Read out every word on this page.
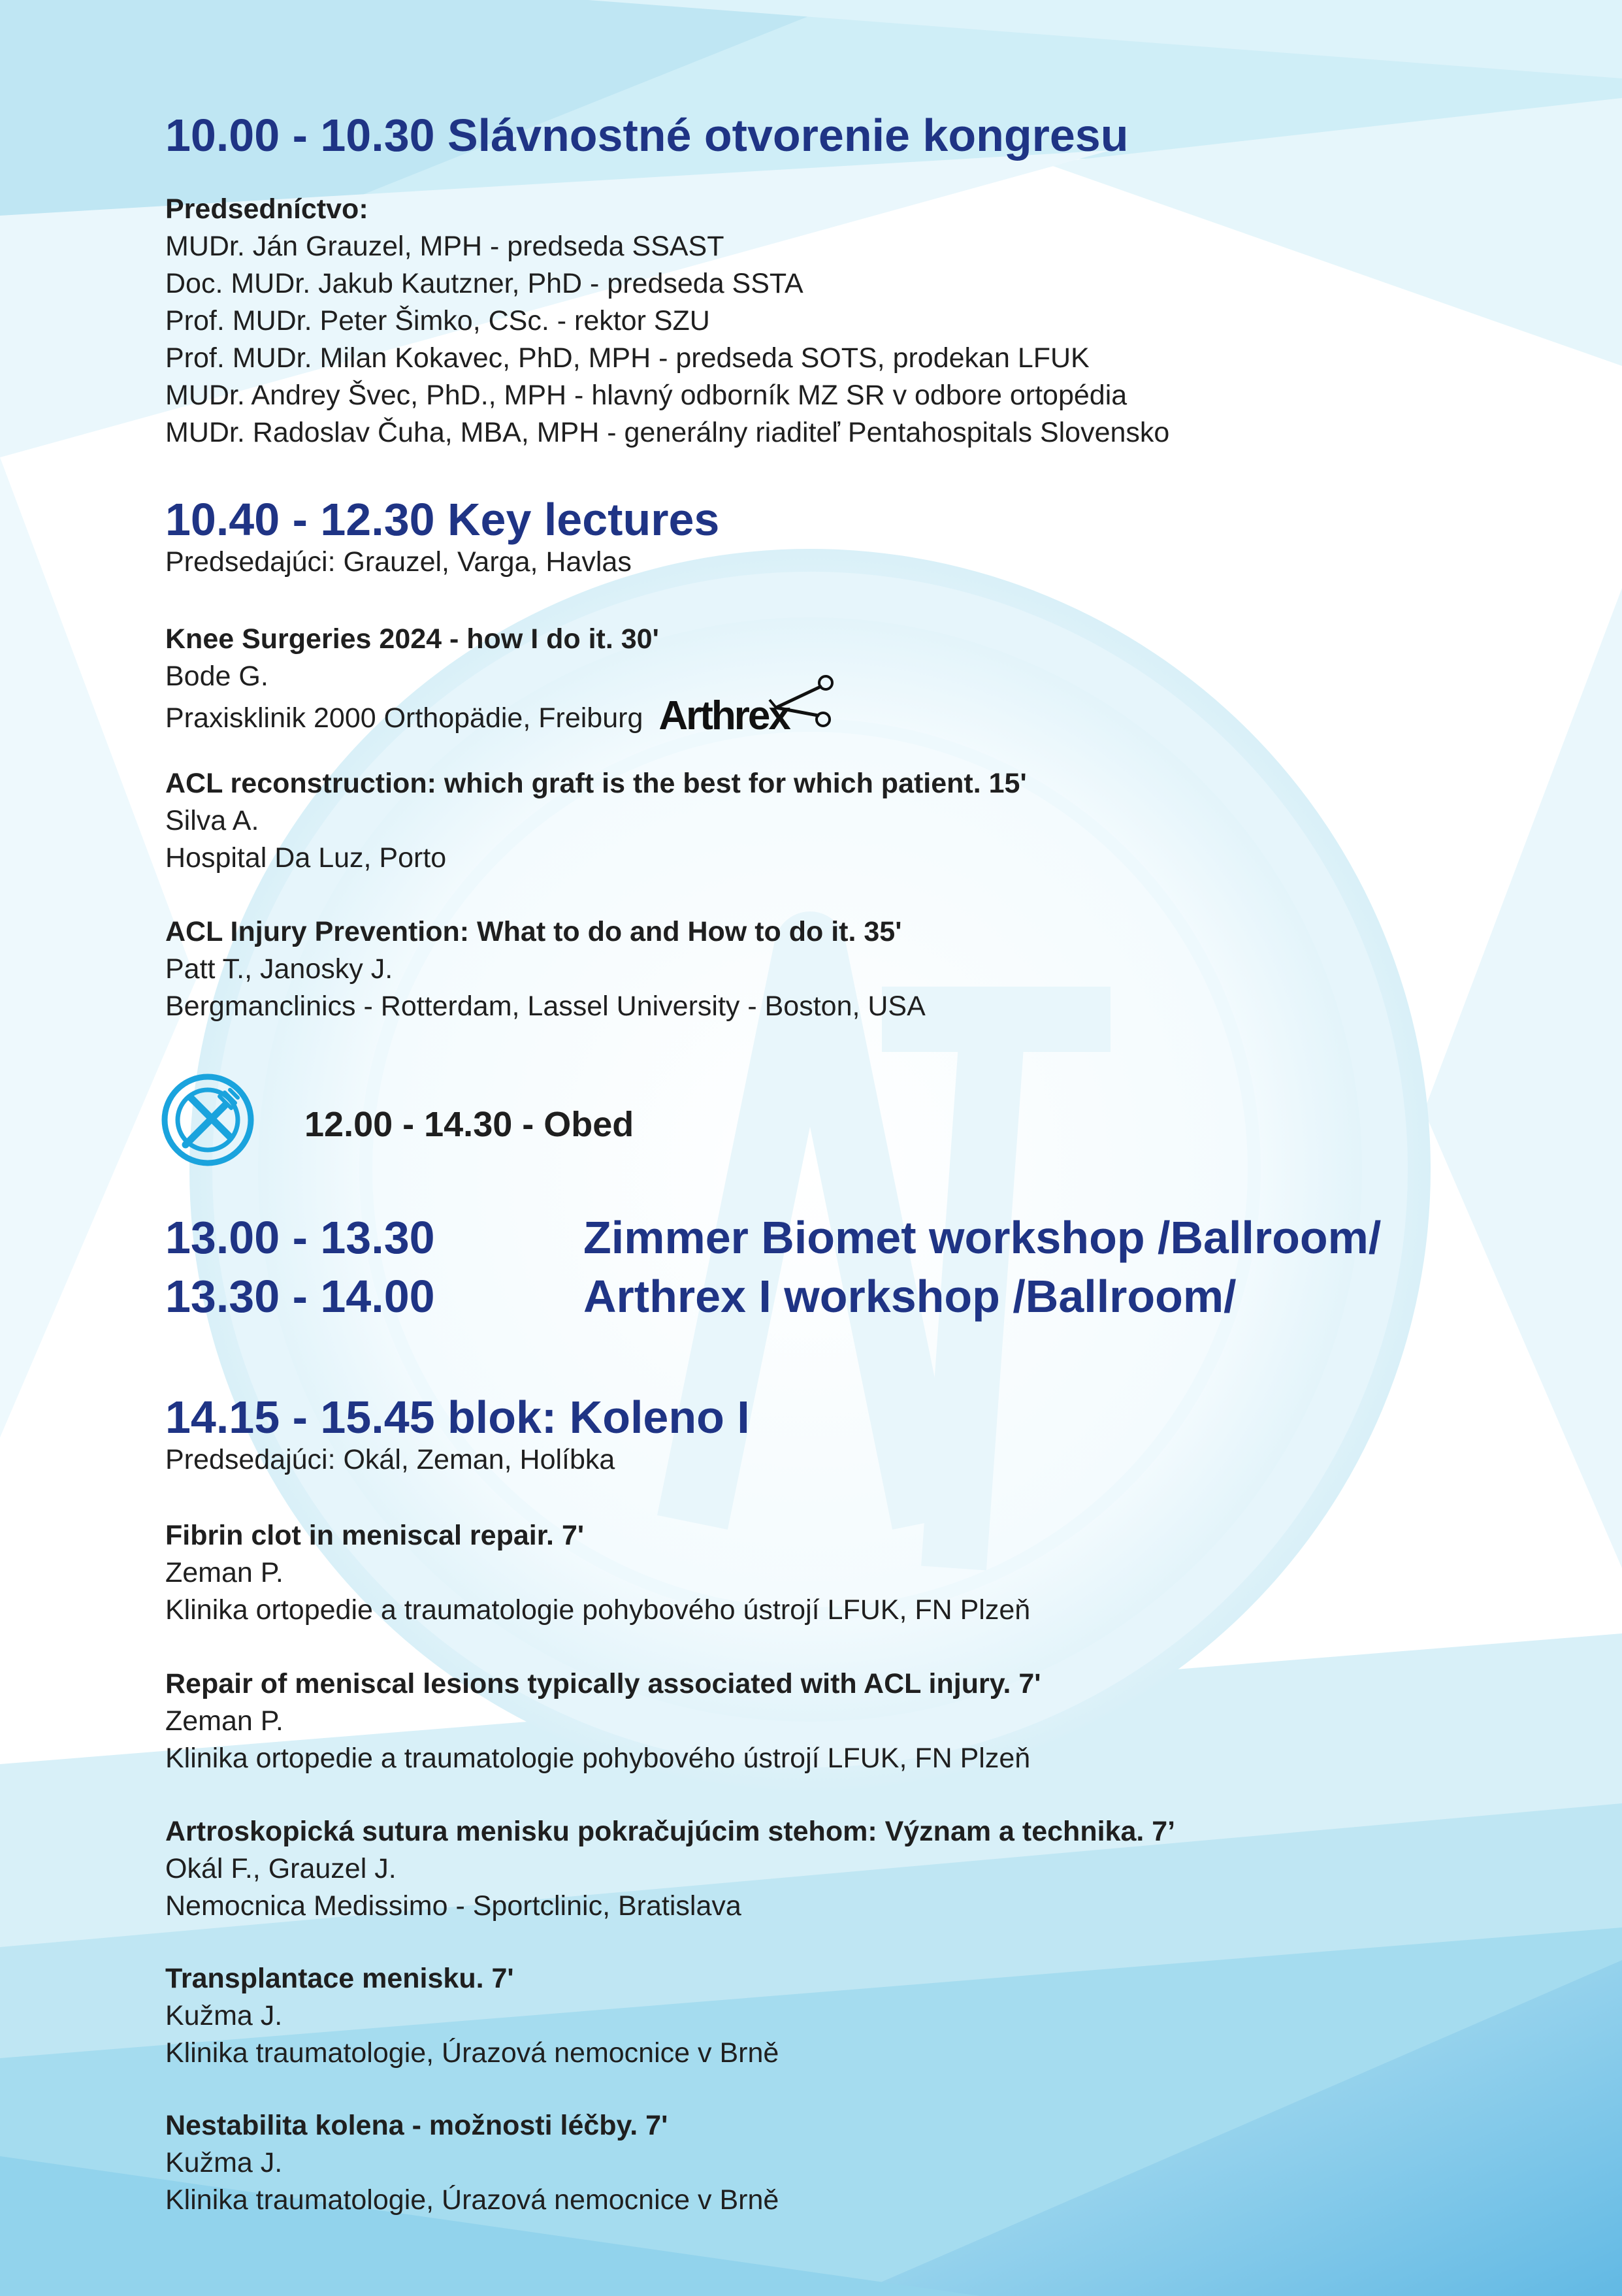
10.00 - 10.30 Slávnostné otvorenie kongresu
Predsedníctvo:
MUDr. Ján Grauzel, MPH - predseda SSAST
Doc. MUDr. Jakub Kautzner, PhD - predseda SSTA
Prof. MUDr. Peter Šimko, CSc. - rektor SZU
Prof. MUDr. Milan Kokavec, PhD, MPH - predseda SOTS, prodekan LFUK
MUDr. Andrey Švec, PhD., MPH - hlavný odborník MZ SR v odbore ortopédia
MUDr. Radoslav Čuha, MBA, MPH - generálny riaditeľ Pentahospitals Slovensko
10.40 - 12.30 Key lectures
Predsedajúci: Grauzel, Varga, Havlas
Knee Surgeries 2024 - how I do it. 30'
Bode G.
Praxisklinik 2000 Orthopädie, Freiburg Arthrex
ACL reconstruction: which graft is the best for which patient. 15'
Silva A.
Hospital Da Luz, Porto
ACL Injury Prevention: What to do and How to do it. 35'
Patt T., Janosky J.
Bergmanclinics - Rotterdam, Lassel University - Boston, USA
12.00 - 14.30 - Obed
13.00 - 13.30	Zimmer Biomet workshop /Ballroom/
13.30 - 14.00	Arthrex I workshop /Ballroom/
14.15 - 15.45 blok: Koleno I
Predsedajúci: Okál, Zeman, Holíbka
Fibrin clot in meniscal repair. 7'
Zeman P.
Klinika ortopedie a traumatologie pohybového ústrojí LFUK, FN Plzeň
Repair of meniscal lesions typically associated with ACL injury. 7'
Zeman P.
Klinika ortopedie a traumatologie pohybového ústrojí LFUK, FN Plzeň
Artroskopická sutura menisku pokračujúcim stehom: Význam a technika. 7’
Okál F., Grauzel J.
Nemocnica Medissimo - Sportclinic, Bratislava
Transplantace menisku. 7'
Kužma J.
Klinika traumatologie, Úrazová nemocnice v Brně
Nestabilita kolena - možnosti léčby. 7'
Kužma J.
Klinika traumatologie, Úrazová nemocnice v Brně
